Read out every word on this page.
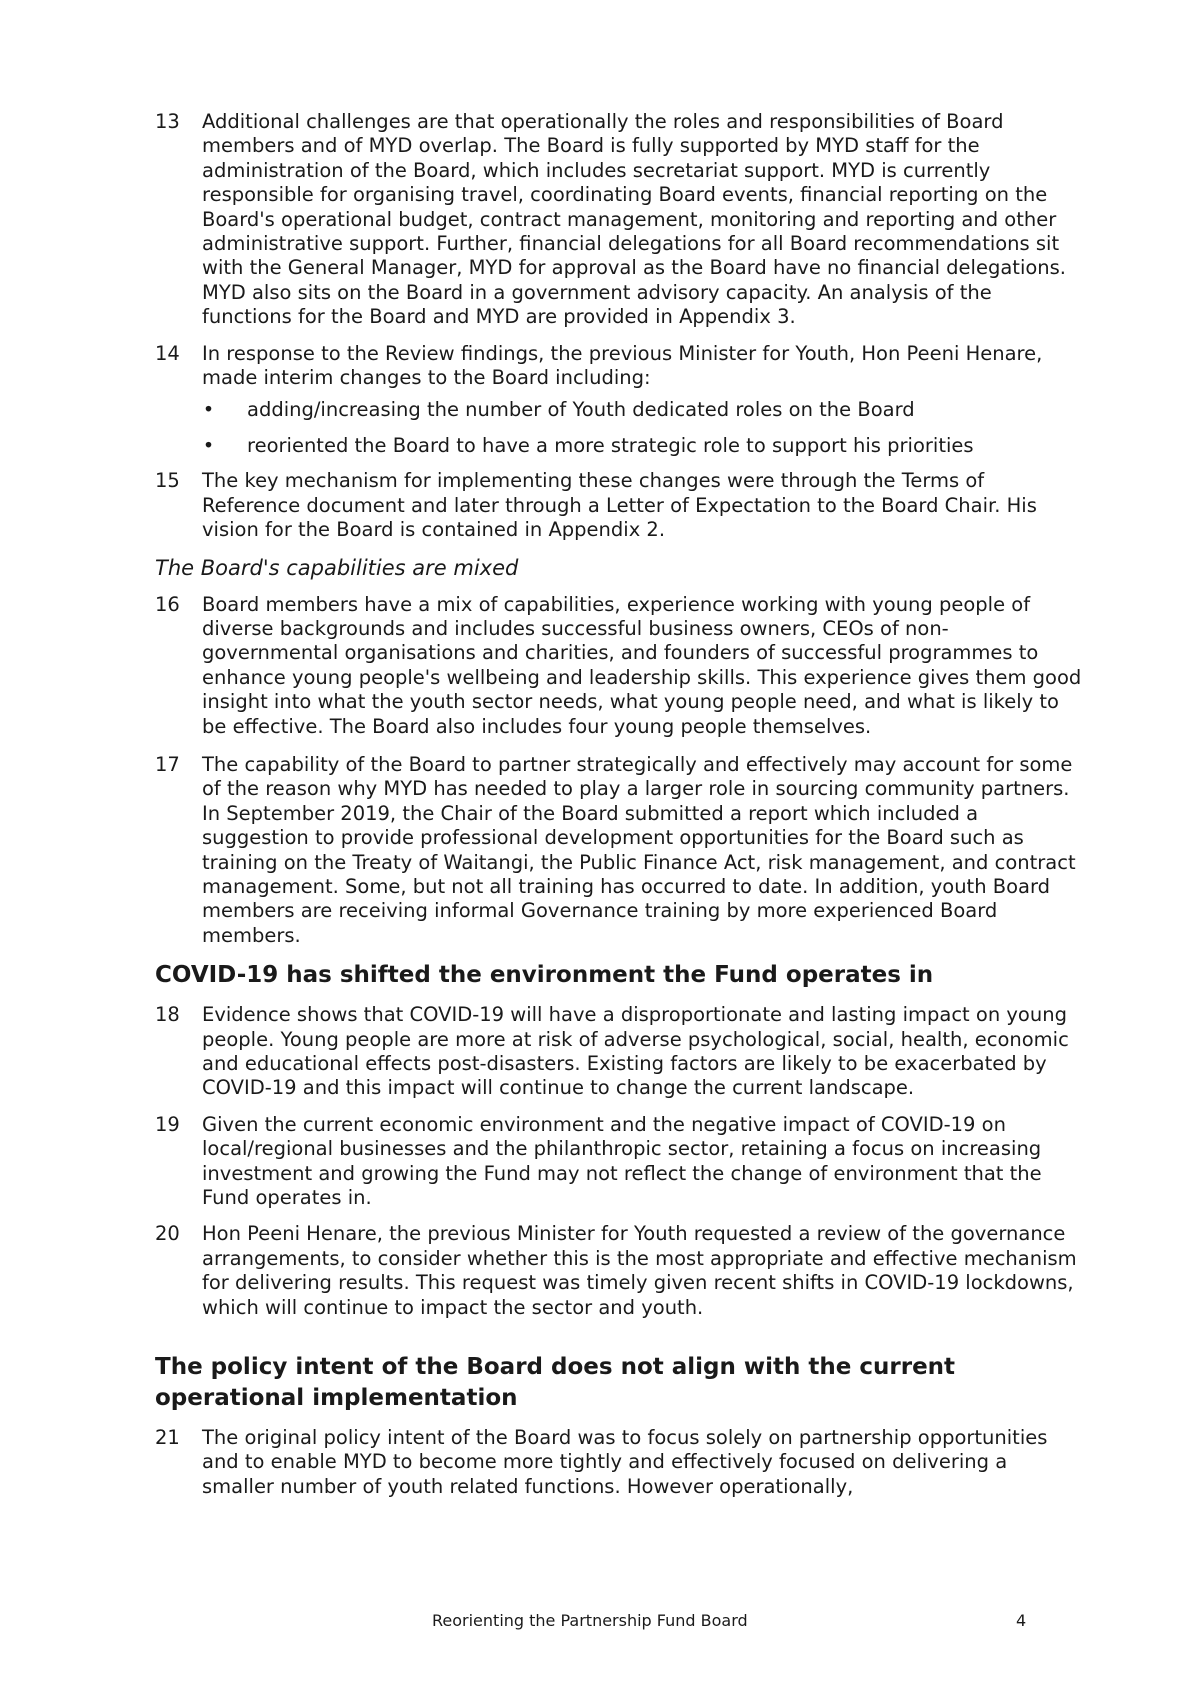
13	Additional challenges are that operationally the roles and responsibilities of Board members and of MYD overlap. The Board is fully supported by MYD staff for the administration of the Board, which includes secretariat support. MYD is currently responsible for organising travel, coordinating Board events, financial reporting on the Board's operational budget, contract management, monitoring and reporting and other administrative support. Further, financial delegations for all Board recommendations sit with the General Manager, MYD for approval as the Board have no financial delegations. MYD also sits on the Board in a government advisory capacity. An analysis of the functions for the Board and MYD are provided in Appendix 3.
14	In response to the Review findings, the previous Minister for Youth, Hon Peeni Henare, made interim changes to the Board including:
•	adding/increasing the number of Youth dedicated roles on the Board
•	reoriented the Board to have a more strategic role to support his priorities
15	The key mechanism for implementing these changes were through the Terms of Reference document and later through a Letter of Expectation to the Board Chair. His vision for the Board is contained in Appendix 2.
The Board's capabilities are mixed
16	Board members have a mix of capabilities, experience working with young people of diverse backgrounds and includes successful business owners, CEOs of non-governmental organisations and charities, and founders of successful programmes to enhance young people's wellbeing and leadership skills. This experience gives them good insight into what the youth sector needs, what young people need, and what is likely to be effective. The Board also includes four young people themselves.
17	The capability of the Board to partner strategically and effectively may account for some of the reason why MYD has needed to play a larger role in sourcing community partners. In September 2019, the Chair of the Board submitted a report which included a suggestion to provide professional development opportunities for the Board such as training on the Treaty of Waitangi, the Public Finance Act, risk management, and contract management. Some, but not all training has occurred to date. In addition, youth Board members are receiving informal Governance training by more experienced Board members.
COVID-19 has shifted the environment the Fund operates in
18	Evidence shows that COVID-19 will have a disproportionate and lasting impact on young people. Young people are more at risk of adverse psychological, social, health, economic and educational effects post-disasters. Existing factors are likely to be exacerbated by COVID-19 and this impact will continue to change the current landscape.
19	Given the current economic environment and the negative impact of COVID-19 on local/regional businesses and the philanthropic sector, retaining a focus on increasing investment and growing the Fund may not reflect the change of environment that the Fund operates in.
20	Hon Peeni Henare, the previous Minister for Youth requested a review of the governance arrangements, to consider whether this is the most appropriate and effective mechanism for delivering results. This request was timely given recent shifts in COVID-19 lockdowns, which will continue to impact the sector and youth.
The policy intent of the Board does not align with the current operational implementation
21	The original policy intent of the Board was to focus solely on partnership opportunities and to enable MYD to become more tightly and effectively focused on delivering a smaller number of youth related functions. However operationally,
Reorienting the Partnership Fund Board	4
